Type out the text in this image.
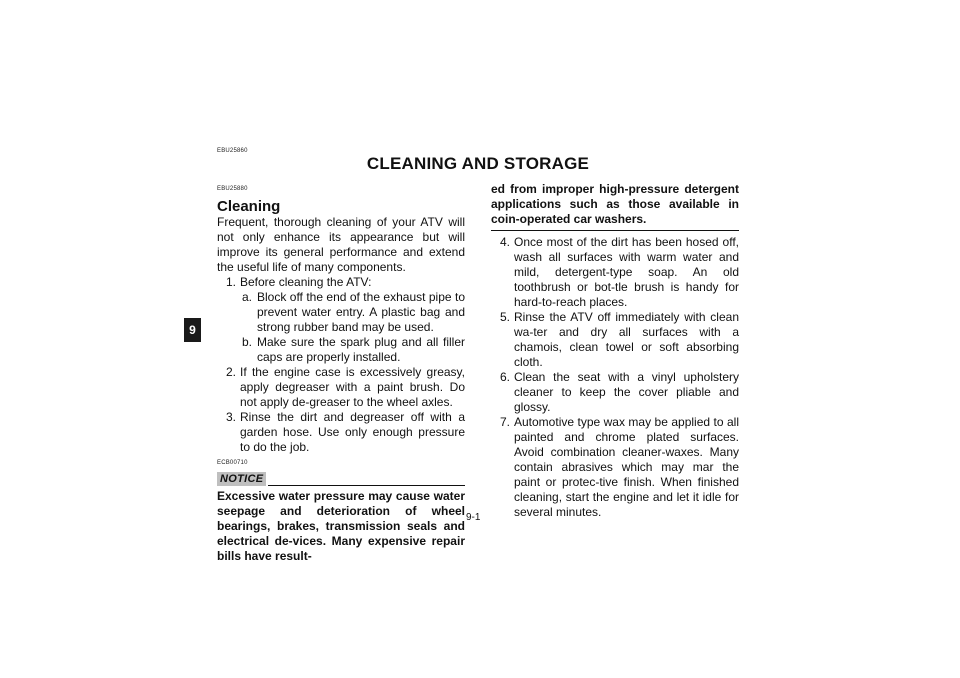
9
EBU25860
CLEANING AND STORAGE
EBU25880
Cleaning
Frequent, thorough cleaning of your ATV will not only enhance its appearance but will improve its general performance and extend the useful life of many components.
1. Before cleaning the ATV:
a. Block off the end of the exhaust pipe to prevent water entry. A plastic bag and strong rubber band may be used.
b. Make sure the spark plug and all filler caps are properly installed.
2. If the engine case is excessively greasy, apply degreaser with a paint brush. Do not apply de-greaser to the wheel axles.
3. Rinse the dirt and degreaser off with a garden hose. Use only enough pressure to do the job.
ECB00710
NOTICE
Excessive water pressure may cause water seepage and deterioration of wheel bearings, brakes, transmission seals and electrical de-vices. Many expensive repair bills have result-
ed from improper high-pressure detergent applications such as those available in coin-operated car washers.
4. Once most of the dirt has been hosed off, wash all surfaces with warm water and mild, detergent-type soap. An old toothbrush or bot-tle brush is handy for hard-to-reach places.
5. Rinse the ATV off immediately with clean wa-ter and dry all surfaces with a chamois, clean towel or soft absorbing cloth.
6. Clean the seat with a vinyl upholstery cleaner to keep the cover pliable and glossy.
7. Automotive type wax may be applied to all painted and chrome plated surfaces. Avoid combination cleaner-waxes. Many contain abrasives which may mar the paint or protec-tive finish. When finished cleaning, start the engine and let it idle for several minutes.
9-1
